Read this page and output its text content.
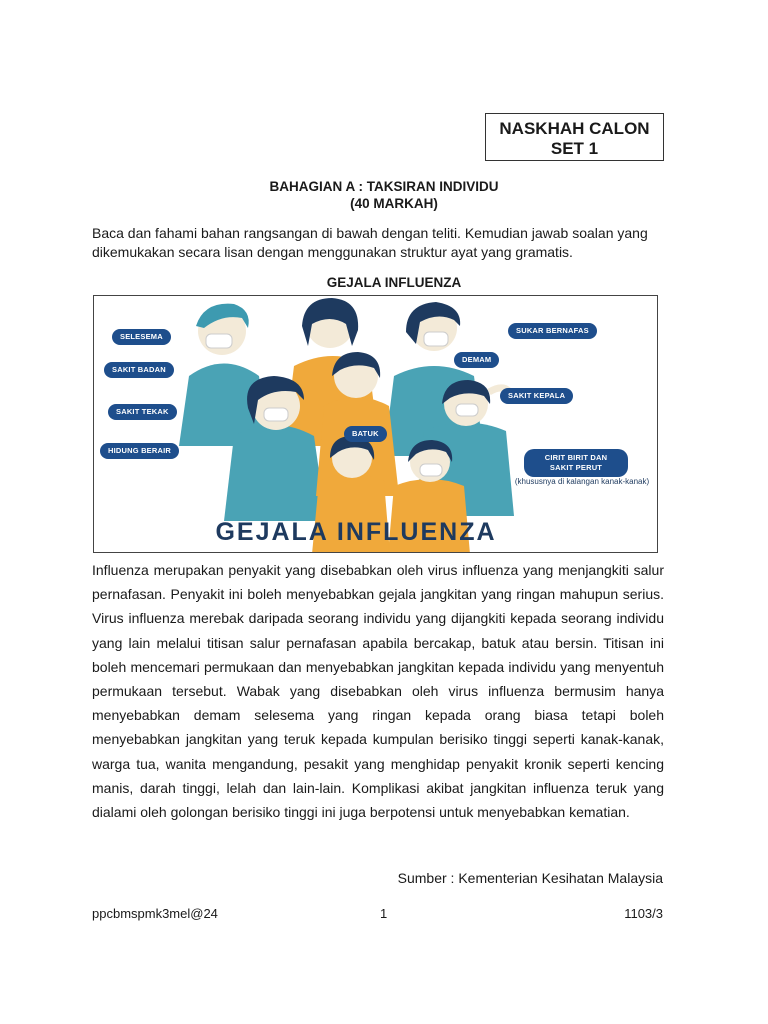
NASKHAH CALON
SET 1
BAHAGIAN A : TAKSIRAN INDIVIDU
(40 MARKAH)

Baca dan fahami bahan rangsangan di bawah dengan teliti. Kemudian jawab soalan yang dikemukakan secara lisan dengan menggunakan struktur ayat yang gramatis.

GEJALA INFLUENZA
SELESEMA
SAKIT BADAN
SAKIT TEKAK
HIDUNG BERAIR
SUKAR BERNAFAS
DEMAM
SAKIT KEPALA
BATUK
CIRIT BIRIT DAN SAKIT PERUT
(khususnya di kalangan kanak-kanak)
GEJALA INFLUENZA

Influenza merupakan penyakit yang disebabkan oleh virus influenza yang menjangkiti salur pernafasan. Penyakit ini boleh menyebabkan gejala jangkitan yang ringan mahupun serius. Virus influenza merebak daripada seorang individu yang dijangkiti kepada seorang individu yang lain melalui titisan salur pernafasan apabila bercakap, batuk atau bersin. Titisan ini boleh mencemari permukaan dan menyebabkan jangkitan kepada individu yang menyentuh permukaan tersebut. Wabak yang disebabkan oleh virus influenza bermusim hanya menyebabkan demam selesema yang ringan kepada orang biasa tetapi boleh menyebabkan jangkitan yang teruk kepada kumpulan berisiko tinggi seperti kanak-kanak, warga tua, wanita mengandung, pesakit yang menghidap penyakit kronik seperti kencing manis, darah tinggi, lelah dan lain-lain. Komplikasi akibat jangkitan influenza teruk yang dialami oleh golongan berisiko tinggi ini juga berpotensi untuk menyebabkan kematian.

Sumber : Kementerian Kesihatan Malaysia
ppcbmspmk3mel@24	1	1103/3
